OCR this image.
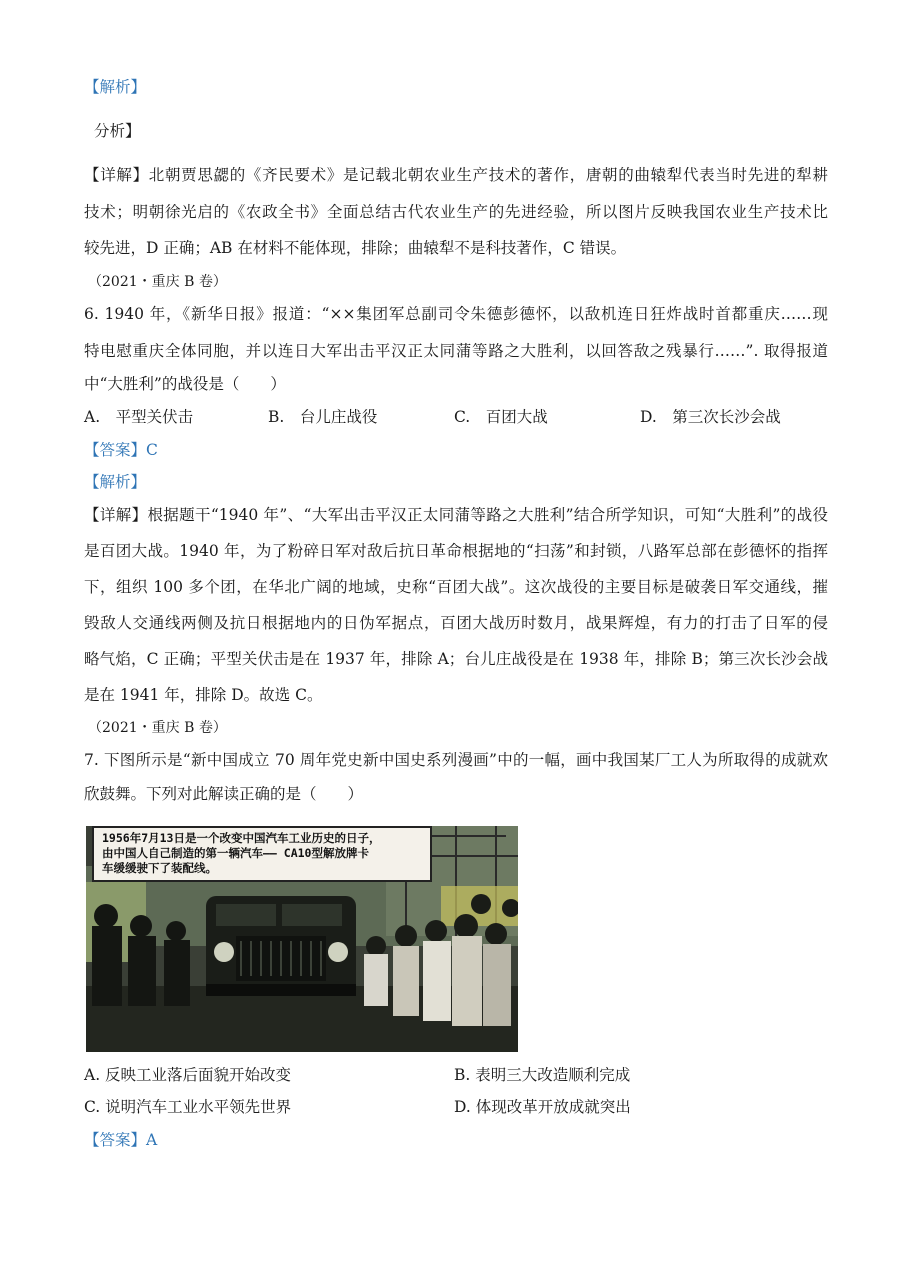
【解析】
分析】
【详解】北朝贾思勰的《齐民要术》是记载北朝农业生产技术的著作，唐朝的曲辕犁代表当时先进的犁耕
技术；明朝徐光启的《农政全书》全面总结古代农业生产的先进经验，所以图片反映我国农业生产技术比
较先进，D 正确；AB 在材料不能体现，排除；曲辕犁不是科技著作，C 错误。
（2021・重庆 B 卷）
6. 1940 年，《新华日报》报道：“××集团军总副司令朱德彭德怀，以敌机连日狂炸战时首都重庆……现
特电慰重庆全体同胞，并以连日大军出击平汉正太同蒲等路之大胜利，以回答敌之残暴行……”. 取得报道
中“大胜利”的战役是（　　）
A.　平型关伏击	B.　台儿庄战役	C.　百团大战	D.　第三次长沙会战
【答案】C
【解析】
【详解】根据题干“1940 年”、“大军出击平汉正太同蒲等路之大胜利”结合所学知识，可知“大胜利”的战役
是百团大战。1940 年，为了粉碎日军对敌后抗日革命根据地的“扫荡”和封锁，八路军总部在彭德怀的指挥
下，组织 100 多个团，在华北广阔的地域，史称“百团大战”。这次战役的主要目标是破袭日军交通线，摧
毁敌人交通线两侧及抗日根据地内的日伪军据点，百团大战历时数月，战果辉煌，有力的打击了日军的侵
略气焰，C 正确；平型关伏击是在 1937 年，排除 A；台儿庄战役是在 1938 年，排除 B；第三次长沙会战
是在 1941 年，排除 D。故选 C。
（2021・重庆 B 卷）
7. 下图所示是“新中国成立 70 周年党史新中国史系列漫画”中的一幅，画中我国某厂工人为所取得的成就欢
欣鼓舞。下列对此解读正确的是（　　）
1956年7月13日是一个改变中国汽车工业历史的日子，
由中国人自己制造的第一辆汽车—— CA10型解放牌卡
车缓缓驶下了装配线。
A. 反映工业落后面貌开始改变	B. 表明三大改造顺利完成
C. 说明汽车工业水平领先世界	D. 体现改革开放成就突出
【答案】A
